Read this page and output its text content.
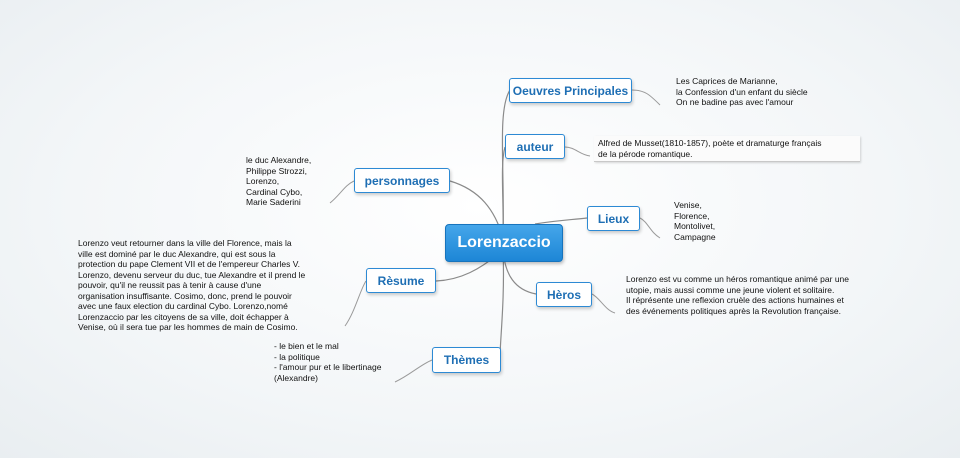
Lorenzaccio
Oeuvres Principales
Les Caprices de Marianne,
la Confession d'un enfant du siècle
On ne badine pas avec l'amour
auteur	Alfred de Musset(1810-1857), poète et dramaturge français
de la pérode romantique.
Lieux
Venise,
Florence,
Montolivet,
Campagne
Hèros
Lorenzo est vu comme un héros romantique animé par une
utopie, mais aussi comme une jeune violent et solitaire.
Il réprésente une reflexion cruèle des actions humaines et
des événements politiques après la Revolution française.
personnages
le duc Alexandre,
Philippe Strozzi,
Lorenzo,
Cardinal Cybo,
Marie Saderini
Rèsume
Lorenzo veut retourner dans la ville del Florence, mais la
ville est dominé par le duc Alexandre, qui est sous la
protection du pape Clement VII et de l'empereur Charles V.
Lorenzo, devenu serveur du duc, tue Alexandre et il prend le
pouvoir, qu'il ne reussit pas à tenir à cause d'une
organisation insuffisante. Cosimo, donc, prend le pouvoir
avec une faux election du cardinal Cybo. Lorenzo,nomé
Lorenzaccio par les citoyens de sa ville, doit échapper à
Venise, où il sera tue par les hommes de main de Cosimo.
Thèmes
- le bien et le mal
- la politique
- l'amour pur et le libertinage
(Alexandre)
